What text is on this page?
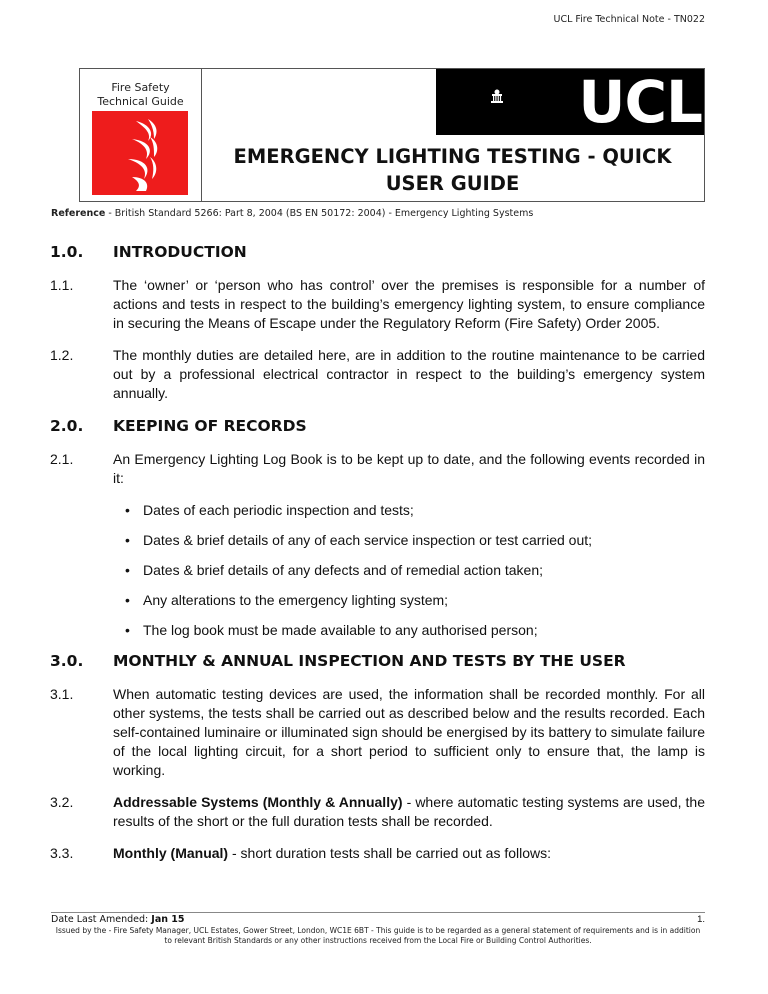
UCL Fire Technical Note - TN022
Fire Safety
Technical Guide	UCL
EMERGENCY LIGHTING TESTING - QUICK
USER GUIDE
Reference - British Standard 5266: Part 8, 2004 (BS EN 50172: 2004) - Emergency Lighting Systems
1.0. INTRODUCTION
1.1.	The ‘owner’ or ‘person who has control’ over the premises is responsible for a number of actions and tests in respect to the building’s emergency lighting system, to ensure compliance in securing the Means of Escape under the Regulatory Reform (Fire Safety) Order 2005.
1.2.	The monthly duties are detailed here, are in addition to the routine maintenance to be carried out by a professional electrical contractor in respect to the building’s emergency system annually.
2.0. KEEPING OF RECORDS
2.1.	An Emergency Lighting Log Book is to be kept up to date, and the following events recorded in it:
• Dates of each periodic inspection and tests;
• Dates & brief details of any of each service inspection or test carried out;
• Dates & brief details of any defects and of remedial action taken;
• Any alterations to the emergency lighting system;
• The log book must be made available to any authorised person;
3.0. MONTHLY & ANNUAL INSPECTION AND TESTS BY THE USER
3.1.	When automatic testing devices are used, the information shall be recorded monthly. For all other systems, the tests shall be carried out as described below and the results recorded. Each self-contained luminaire or illuminated sign should be energised by its battery to simulate failure of the local lighting circuit, for a short period to sufficient only to ensure that, the lamp is working.
3.2.	Addressable Systems (Monthly & Annually) - where automatic testing systems are used, the results of the short or the full duration tests shall be recorded.
3.3.	Monthly (Manual) - short duration tests shall be carried out as follows:
Date Last Amended: Jan 15	1.
Issued by the - Fire Safety Manager, UCL Estates, Gower Street, London, WC1E 6BT - This guide is to be regarded as a general statement of requirements and is in addition to relevant British Standards or any other instructions received from the Local Fire or Building Control Authorities.
